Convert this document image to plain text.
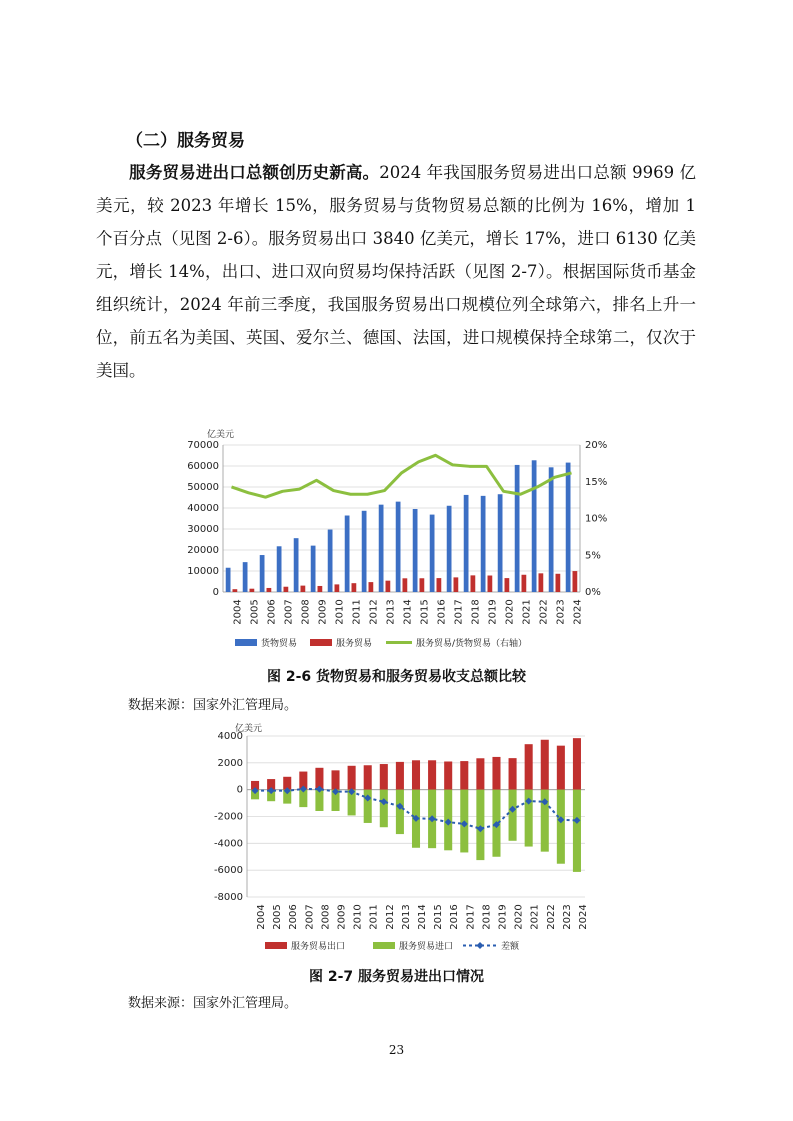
（二）服务贸易
服务贸易进出口总额创历史新高。2024 年我国服务贸易进出口总额 9969 亿美元，较 2023 年增长 15%，服务贸易与货物贸易总额的比例为 16%，增加 1 个百分点（见图 2-6）。服务贸易出口 3840 亿美元，增长 17%，进口 6130 亿美元，增长 14%，出口、进口双向贸易均保持活跃（见图 2-7）。根据国际货币基金组织统计，2024 年前三季度，我国服务贸易出口规模位列全球第六，排名上升一位，前五名为美国、英国、爱尔兰、德国、法国，进口规模保持全球第二，仅次于美国。
亿美元
70000
60000
50000
40000
30000
20000
10000
0
20%
15%
10%
5%
0%
2004 2005 2006 2007 2008 2009 2010 2011 2012 2013 2014 2015 2016 2017 2018 2019 2020 2021 2022 2023 2024
货物贸易	服务贸易	服务贸易/货物贸易（右轴）
图 2-6 货物贸易和服务贸易收支总额比较
数据来源：国家外汇管理局。
亿美元
4000
2000
0
-2000
-4000
-6000
-8000
2004 2005 2006 2007 2008 2009 2010 2011 2012 2013 2014 2015 2016 2017 2018 2019 2020 2021 2022 2023 2024
服务贸易出口	服务贸易进口	差额
图 2-7 服务贸易进出口情况
数据来源：国家外汇管理局。
23
